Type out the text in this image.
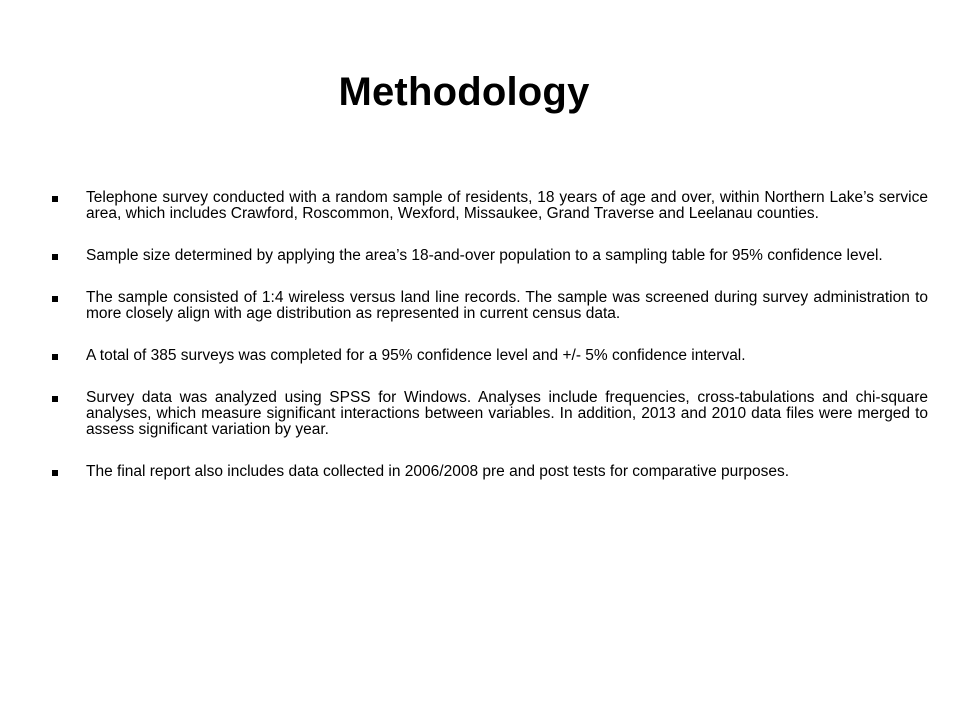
Methodology
Telephone survey conducted with a random sample of residents, 18 years of age and over, within Northern Lake’s service area, which includes Crawford, Roscommon, Wexford, Missaukee, Grand Traverse and Leelanau counties.
Sample size determined by applying the area’s 18-and-over population to a sampling table for 95% confidence level.
The sample consisted of 1:4 wireless versus land line records. The sample was screened during survey administration to more closely align with age distribution as represented in current census data.
A total of 385 surveys was completed for a 95% confidence level and +/- 5% confidence interval.
Survey data was analyzed using SPSS for Windows. Analyses include frequencies, cross-tabulations and chi-square analyses, which measure significant interactions between variables. In addition, 2013 and 2010 data files were merged to assess significant variation by year.
The final report also includes data collected in 2006/2008 pre and post tests for comparative purposes.
